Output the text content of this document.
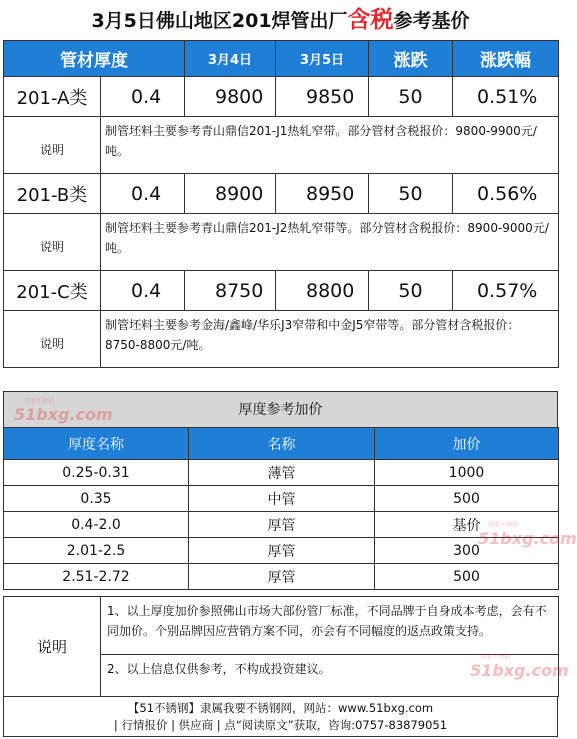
3月5日佛山地区201焊管出厂含税参考基价
管材厚度		3月4日	3月5日	涨跌	涨跌幅
201-A类	0.4	9800	9850	50	0.51%
说明	制管坯料主要参考青山鼎信201-J1热轧窄带。部分管材含税报价：9800-9900元/吨。				
201-B类	0.4	8900	8950	50	0.56%
说明	制管坯料主要参考青山鼎信201-J2热轧窄带等。部分管材含税报价：8900-9000元/吨。				
201-C类	0.4	8750	8800	50	0.57%
说明	制管坯料主要参考金海/鑫峰/华乐J3窄带和中金J5窄带等。部分管材含税报价：8750-8800元/吨。				
厚度参考加价
厚度名称	名称	加价
0.25-0.31	薄管	1000
0.35	中管	500
0.4-2.0	厚管	基价
2.01-2.5	厚管	300
2.51-2.72	厚管	500
说明	1、以上厚度加价参照佛山市场大部份管厂标准，不同品牌于自身成本考虑，会有不同加价。个别品牌因应营销方案不同，亦会有不同幅度的返点政策支持。
2、以上信息仅供参考，不构成投资建议。
【51不锈钢】隶属我要不锈钢网，网站：www.51bxg.com
| 行情报价 | 供应商 | 点“阅读原文”获取，咨询:0757-83879051
我要不锈钢
51bxg.com
我要不锈钢
51bxg.com
我要不锈钢
51bxg.com
